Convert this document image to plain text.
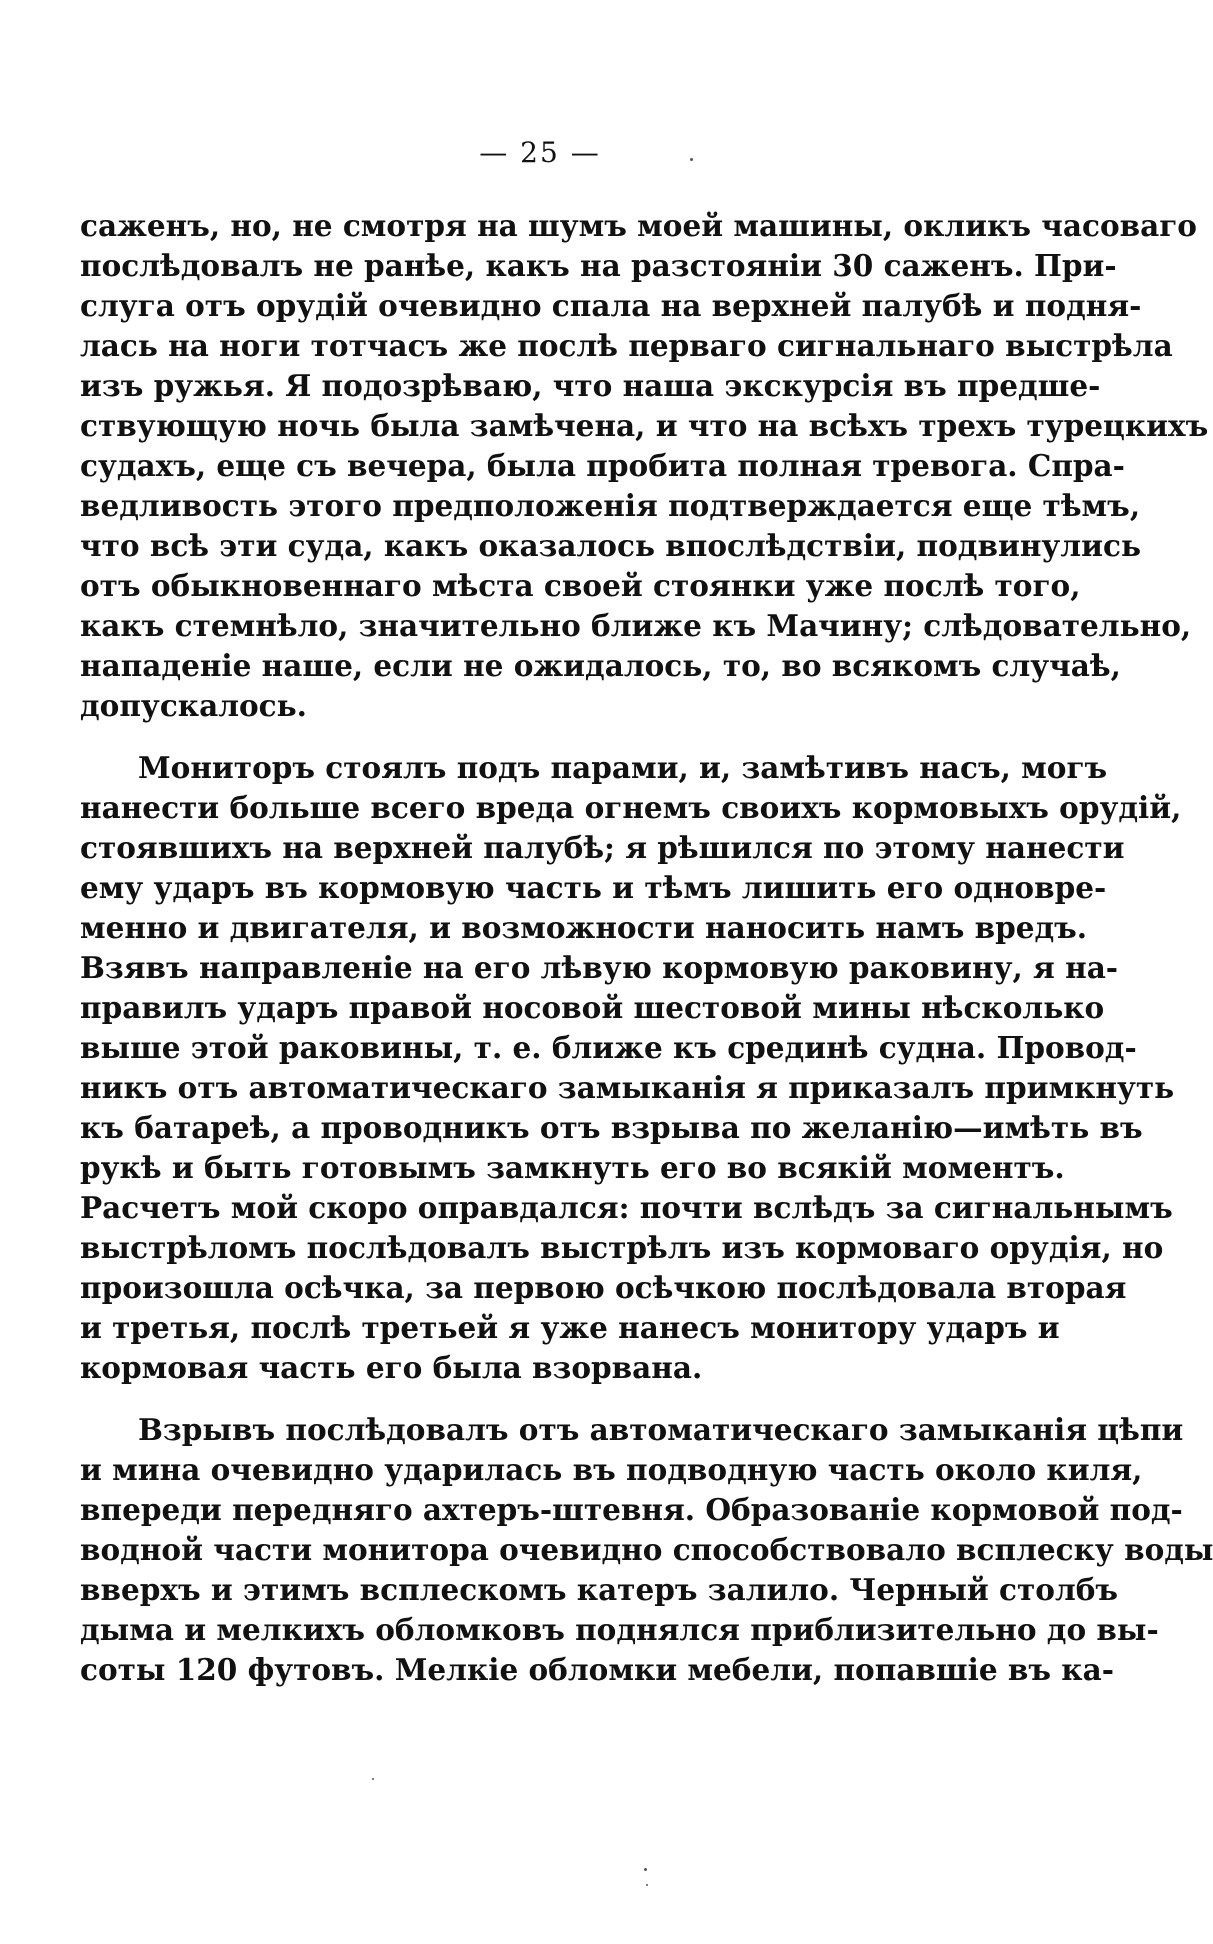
— 25 —
саженъ, но, не смотря на шумъ моей машины, окликъ часоваго
послѣдовалъ не ранѣе, какъ на разстояніи 30 саженъ. При-
слуга отъ орудій очевидно спала на верхней палубѣ и подня-
лась на ноги тотчасъ же послѣ перваго сигнальнаго выстрѣла
изъ ружья. Я подозрѣваю, что наша экскурсія въ предше-
ствующую ночь была замѣчена, и что на всѣхъ трехъ турецкихъ
судахъ, еще съ вечера, была пробита полная тревога. Спра-
ведливость этого предположенія подтверждается еще тѣмъ,
что всѣ эти суда, какъ оказалось впослѣдствіи, подвинулись
отъ обыкновеннаго мѣста своей стоянки уже послѣ того,
какъ стемнѣло, значительно ближе къ Мачину; слѣдовательно,
нападеніе наше, если не ожидалось, то, во всякомъ случаѣ,
допускалось.
Мониторъ стоялъ подъ парами, и, замѣтивъ насъ, могъ
нанести больше всего вреда огнемъ своихъ кормовыхъ орудій,
стоявшихъ на верхней палубѣ; я рѣшился по этому нанести
ему ударъ въ кормовую часть и тѣмъ лишить его одновре-
менно и двигателя, и возможности наносить намъ вредъ.
Взявъ направленіе на его лѣвую кормовую раковину, я на-
правилъ ударъ правой носовой шестовой мины нѣсколько
выше этой раковины, т. е. ближе къ срединѣ судна. Провод-
никъ отъ автоматическаго замыканія я приказалъ примкнуть
къ батареѣ, а проводникъ отъ взрыва по желанію—имѣть въ
рукѣ и быть готовымъ замкнуть его во всякій моментъ.
Расчетъ мой скоро оправдался: почти вслѣдъ за сигнальнымъ
выстрѣломъ послѣдовалъ выстрѣлъ изъ кормоваго орудія, но
произошла осѣчка, за первою осѣчкою послѣдовала вторая
и третья, послѣ третьей я уже нанесъ монитору ударъ и
кормовая часть его была взорвана.
Взрывъ послѣдовалъ отъ автоматическаго замыканія цѣпи
и мина очевидно ударилась въ подводную часть около киля,
впереди передняго ахтеръ-штевня. Образованіе кормовой под-
водной части монитора очевидно способствовало всплеску воды
вверхъ и этимъ всплескомъ катеръ залило. Черный столбъ
дыма и мелкихъ обломковъ поднялся приблизительно до вы-
соты 120 футовъ. Мелкіе обломки мебели, попавшіе въ ка-
